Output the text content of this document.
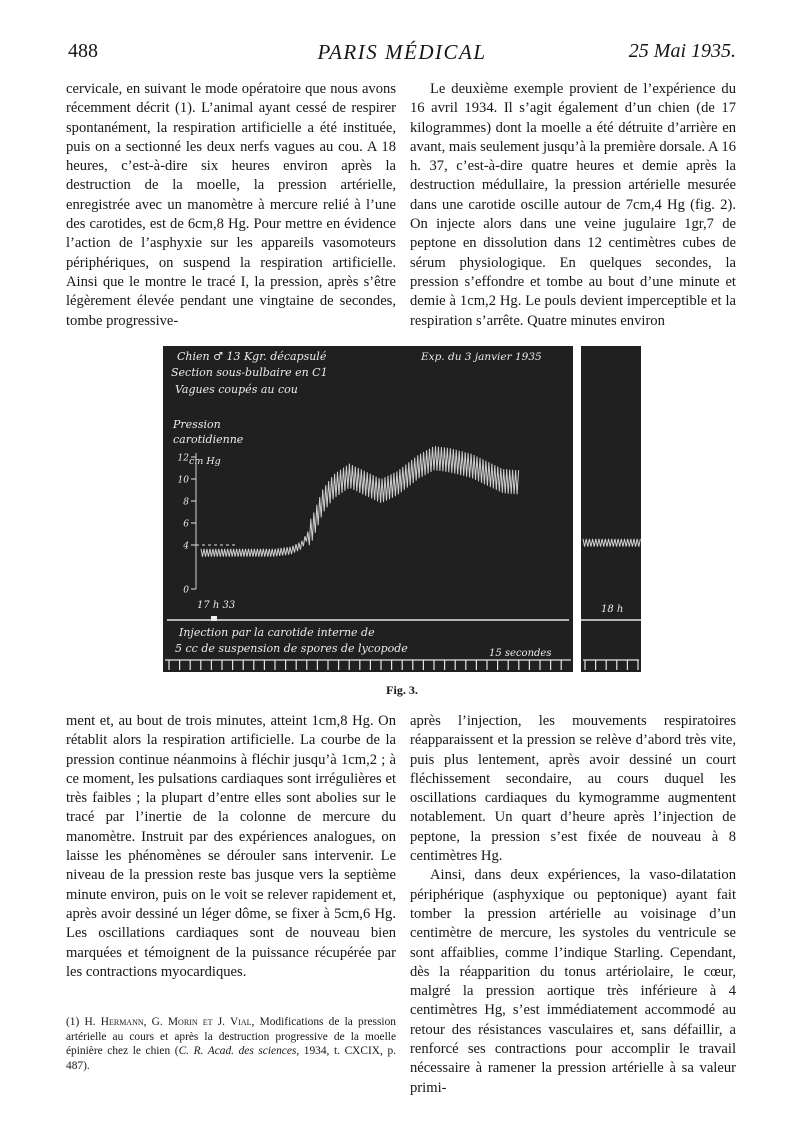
488	PARIS MÉDICAL	25 Mai 1935.

cervicale, en suivant le mode opératoire que nous avons récemment décrit (1). L’animal ayant cessé de respirer spontanément, la respiration artificielle a été instituée, puis on a sectionné les deux nerfs vagues au cou. A 18 heures, c’est-à-dire six heures environ après la destruction de la moelle, la pression artérielle, enregistrée avec un manomètre à mercure relié à l’une des carotides, est de 6cm,8 Hg. Pour mettre en évidence l’action de l’asphyxie sur les appareils vasomoteurs périphériques, on suspend la respiration artificielle. Ainsi que le montre le tracé I, la pression, après s’être légèrement élevée pendant une vingtaine de secondes, tombe progressive-

Le deuxième exemple provient de l’expérience du 16 avril 1934. Il s’agit également d’un chien (de 17 kilogrammes) dont la moelle a été détruite d’arrière en avant, mais seulement jusqu’à la première dorsale. A 16 h. 37, c’est-à-dire quatre heures et demie après la destruction médullaire, la pression artérielle mesurée dans une carotide oscille autour de 7cm,4 Hg (fig. 2). On injecte alors dans une veine jugulaire 1gr,7 de peptone en dissolution dans 12 centimètres cubes de sérum physiologique. En quelques secondes, la pression s’effondre et tombe au bout d’une minute et demie à 1cm,2 Hg. Le pouls devient imperceptible et la respiration s’arrête. Quatre minutes environ

Chien ♂ 13 Kgr. décapsulé
Section sous-bulbaire en C1
Vagues coupés au cou
Exp. du 3 janvier 1935
Pression
carotidienne
cm Hg
0
4
6
8
10
12
17 h 33	18 h
Injection par la carotide interne de
5 cc de suspension de spores de lycopode	15 secondes
Fig. 3.

ment et, au bout de trois minutes, atteint 1cm,8 Hg. On rétablit alors la respiration artificielle. La courbe de la pression continue néanmoins à fléchir jusqu’à 1cm,2 ; à ce moment, les pulsations cardiaques sont irrégulières et très faibles ; la plupart d’entre elles sont abolies sur le tracé par l’inertie de la colonne de mercure du manomètre. Instruit par des expériences analogues, on laisse les phénomènes se dérouler sans intervenir. Le niveau de la pression reste bas jusque vers la septième minute environ, puis on le voit se relever rapidement et, après avoir dessiné un léger dôme, se fixer à 5cm,6 Hg. Les oscillations cardiaques sont de nouveau bien marquées et témoignent de la puissance récupérée par les contractions myocardiques.

après l’injection, les mouvements respiratoires réapparaissent et la pression se relève d’abord très vite, puis plus lentement, après avoir dessiné un court fléchissement secondaire, au cours duquel les oscillations cardiaques du kymogramme augmentent notablement. Un quart d’heure après l’injection de peptone, la pression s’est fixée de nouveau à 8 centimètres Hg.

Ainsi, dans deux expériences, la vaso-dilatation périphérique (asphyxique ou peptonique) ayant fait tomber la pression artérielle au voisinage d’un centimètre de mercure, les systoles du ventricule se sont affaiblies, comme l’indique Starling. Cependant, dès la réapparition du tonus artériolaire, le cœur, malgré la pression aortique très inférieure à 4 centimètres Hg, s’est immédiatement accommodé au retour des résistances vasculaires et, sans défaillir, a renforcé ses contractions pour accomplir le travail nécessaire à ramener la pression artérielle à sa valeur primi-

(1) H. Hermann, G. Morin et J. Vial, Modifications de la pression artérielle au cours et après la destruction progressive de la moelle épinière chez le chien (C. R. Acad. des sciences, 1934, t. CXCIX, p. 487).
